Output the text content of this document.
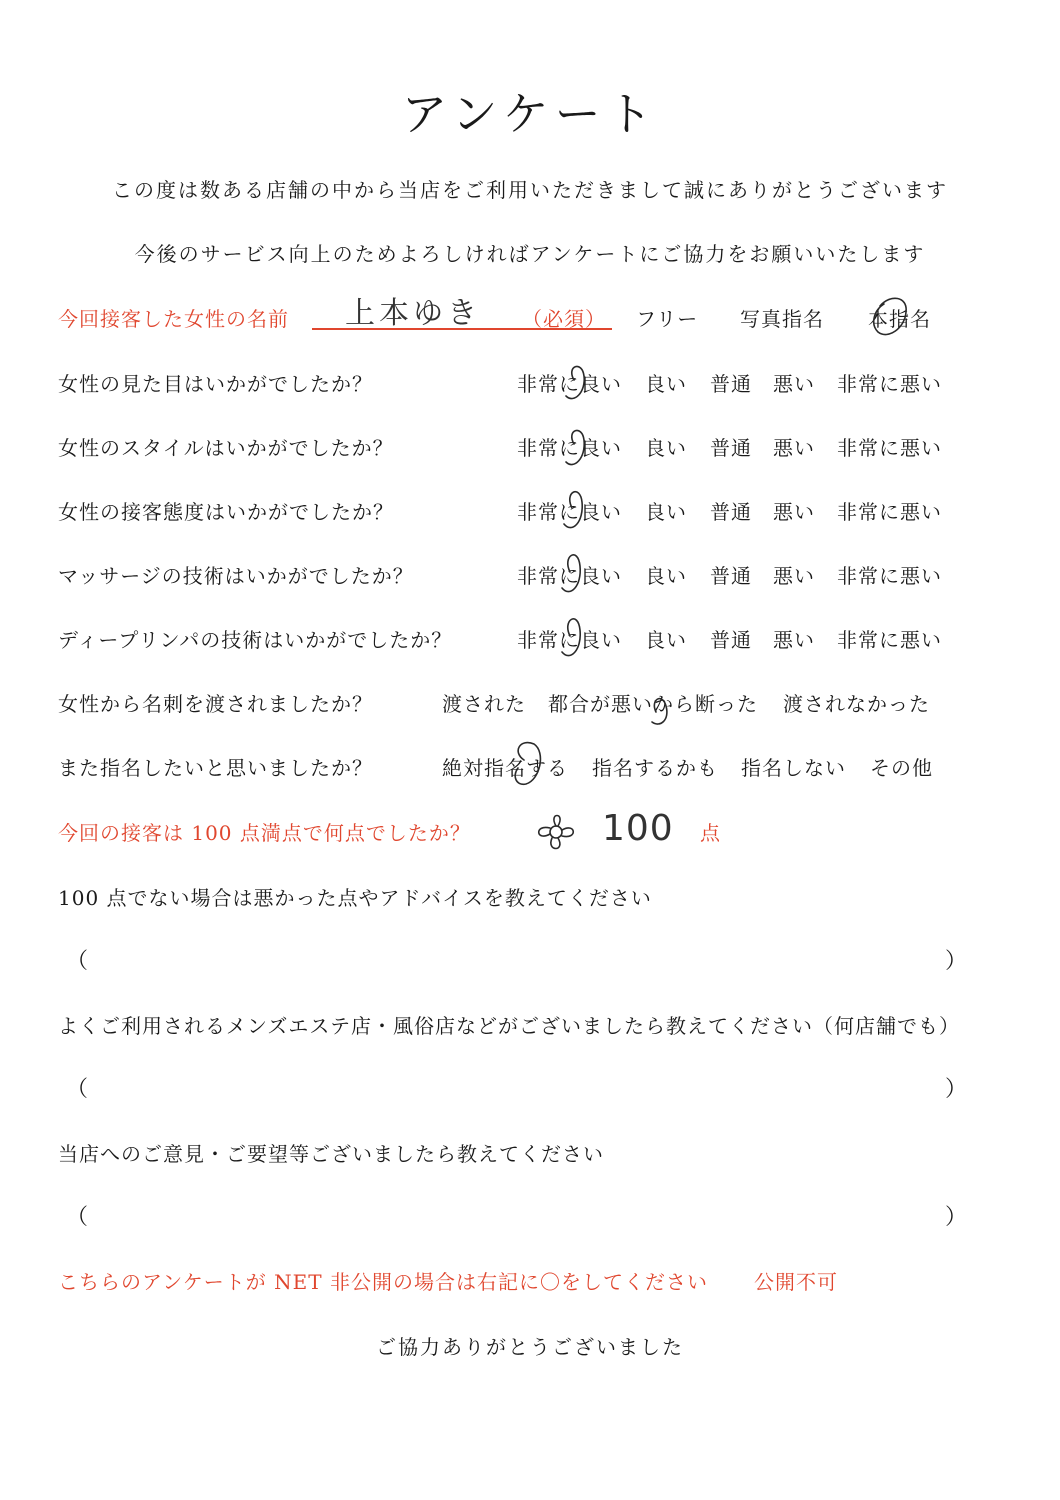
アンケート
この度は数ある店舗の中から当店をご利用いただきまして誠にありがとうございます
今後のサービス向上のためよろしければアンケートにご協力をお願いいたします
今回接客した女性の名前 上本ゆき （必須） フリー 写真指名 本指名
女性の見た目はいかがでしたか？	非常に良い 良い 普通 悪い 非常に悪い
女性のスタイルはいかがでしたか？	非常に良い 良い 普通 悪い 非常に悪い
女性の接客態度はいかがでしたか？	非常に良い 良い 普通 悪い 非常に悪い
マッサージの技術はいかがでしたか？	非常に良い 良い 普通 悪い 非常に悪い
ディープリンパの技術はいかがでしたか？	非常に良い 良い 普通 悪い 非常に悪い
女性から名刺を渡されましたか？	渡された 都合が悪いから断った 渡されなかった
また指名したいと思いましたか？	絶対指名する 指名するかも 指名しない その他
今回の接客は 100 点満点で何点でしたか？	100 点
100 点でない場合は悪かった点やアドバイスを教えてください
（	）
よくご利用されるメンズエステ店・風俗店などがございましたら教えてください（何店舗でも）
（	）
当店へのご意見・ご要望等ございましたら教えてください
（	）
こちらのアンケートが NET 非公開の場合は右記に〇をしてください 公開不可
ご協力ありがとうございました
